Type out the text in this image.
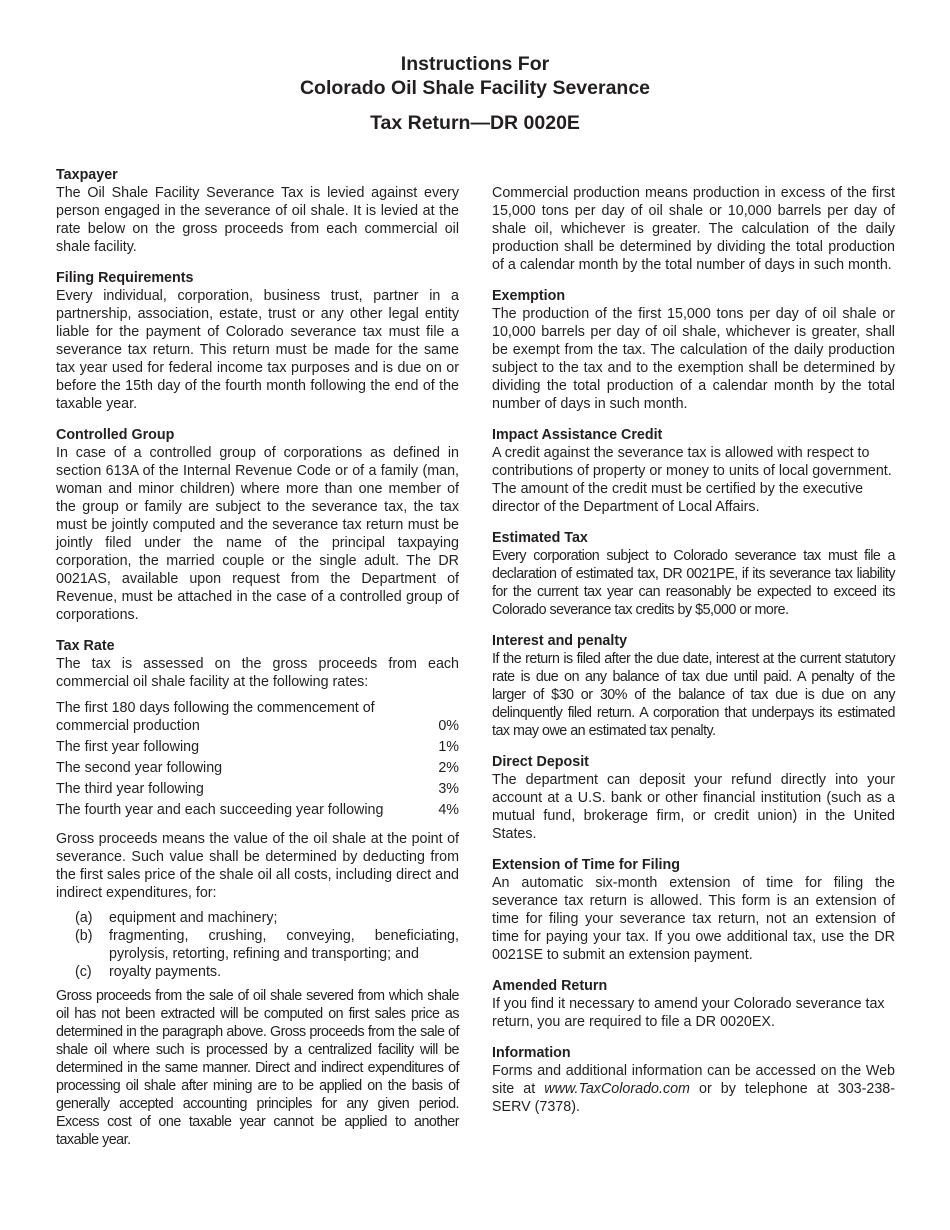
Instructions For
Colorado Oil Shale Facility Severance
Tax Return—DR 0020E
Taxpayer

The Oil Shale Facility Severance Tax is levied against every person engaged in the severance of oil shale. It is levied at the rate below on the gross proceeds from each commercial oil shale facility.

Filing Requirements

Every individual, corporation, business trust, partner in a partnership, association, estate, trust or any other legal entity liable for the payment of Colorado severance tax must file a severance tax return. This return must be made for the same tax year used for federal income tax purposes and is due on or before the 15th day of the fourth month following the end of the taxable year.

Controlled Group

In case of a controlled group of corporations as defined in section 613A of the Internal Revenue Code or of a family (man, woman and minor children) where more than one member of the group or family are subject to the severance tax, the tax must be jointly computed and the severance tax return must be jointly filed under the name of the principal taxpaying corporation, the married couple or the single adult. The DR 0021AS, available upon request from the Department of Revenue, must be attached in the case of a controlled group of corporations.

Tax Rate

The tax is assessed on the gross proceeds from each commercial oil shale facility at the following rates:

The first 180 days following the commencement of commercial production	0%
The first year following	1%
The second year following	2%
The third year following	3%
The fourth year and each succeeding year following	4%

Gross proceeds means the value of the oil shale at the point of severance. Such value shall be determined by deducting from the first sales price of the shale oil all costs, including direct and indirect expenditures, for:

(a)	equipment and machinery;
(b)	fragmenting, crushing, conveying, beneficiating, pyrolysis, retorting, refining and transporting; and
(c)	royalty payments.

Gross proceeds from the sale of oil shale severed from which shale oil has not been extracted will be computed on first sales price as determined in the paragraph above. Gross proceeds from the sale of shale oil where such is processed by a centralized facility will be determined in the same manner. Direct and indirect expenditures of processing oil shale after mining are to be applied on the basis of generally accepted accounting principles for any given period. Excess cost of one taxable year cannot be applied to another taxable year.

Commercial production means production in excess of the first 15,000 tons per day of oil shale or 10,000 barrels per day of shale oil, whichever is greater. The calculation of the daily production shall be determined by dividing the total production of a calendar month by the total number of days in such month.

Exemption

The production of the first 15,000 tons per day of oil shale or 10,000 barrels per day of oil shale, whichever is greater, shall be exempt from the tax. The calculation of the daily production subject to the tax and to the exemption shall be determined by dividing the total production of a calendar month by the total number of days in such month.

Impact Assistance Credit

A credit against the severance tax is allowed with respect to contributions of property or money to units of local government. The amount of the credit must be certified by the executive director of the Department of Local Affairs.

Estimated Tax

Every corporation subject to Colorado severance tax must file a declaration of estimated tax, DR 0021PE, if its severance tax liability for the current tax year can reasonably be expected to exceed its Colorado severance tax credits by $5,000 or more.

Interest and penalty

If the return is filed after the due date, interest at the current statutory rate is due on any balance of tax due until paid. A penalty of the larger of $30 or 30% of the balance of tax due is due on any delinquently filed return. A corporation that underpays its estimated tax may owe an estimated tax penalty.

Direct Deposit

The department can deposit your refund directly into your account at a U.S. bank or other financial institution (such as a mutual fund, brokerage firm, or credit union) in the United States.

Extension of Time for Filing

An automatic six-month extension of time for filing the severance tax return is allowed. This form is an extension of time for filing your severance tax return, not an extension of time for paying your tax. If you owe additional tax, use the DR 0021SE to submit an extension payment.

Amended Return

If you find it necessary to amend your Colorado severance tax return, you are required to file a DR 0020EX.

Information

Forms and additional information can be accessed on the Web site at www.TaxColorado.com or by telephone at 303-238-SERV (7378).
